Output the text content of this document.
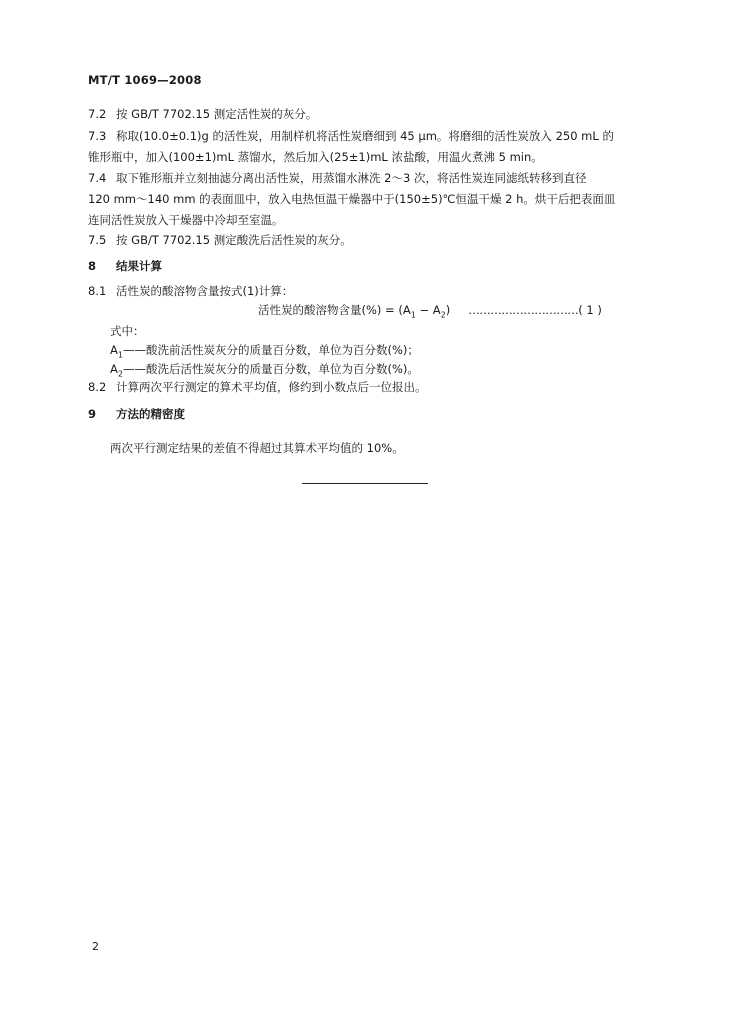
MT/T 1069—2008
7.2 按 GB/T 7702.15 测定活性炭的灰分。
7.3 称取(10.0±0.1)g 的活性炭，用制样机将活性炭磨细到 45 μm。将磨细的活性炭放入 250 mL 的
锥形瓶中，加入(100±1)mL 蒸馏水，然后加入(25±1)mL 浓盐酸，用温火煮沸 5 min。
7.4 取下锥形瓶并立刻抽滤分离出活性炭，用蒸馏水淋洗 2～3 次，将活性炭连同滤纸转移到直径
120 mm～140 mm 的表面皿中，放入电热恒温干燥器中于(150±5)℃恒温干燥 2 h。烘干后把表面皿
连同活性炭放入干燥器中冷却至室温。
7.5 按 GB/T 7702.15 测定酸洗后活性炭的灰分。
8 结果计算
8.1 活性炭的酸溶物含量按式(1)计算：
活性炭的酸溶物含量(%) = $(A_1 - A_2)$ …………………………( 1 )
式中：
$A_1——$酸洗前活性炭灰分的质量百分数，单位为百分数(%)；
$A_2——$酸洗后活性炭灰分的质量百分数，单位为百分数(%)。
8.2 计算两次平行测定的算术平均值，修约到小数点后一位报出。
9 方法的精密度
两次平行测定结果的差值不得超过其算术平均值的 10%。
2
